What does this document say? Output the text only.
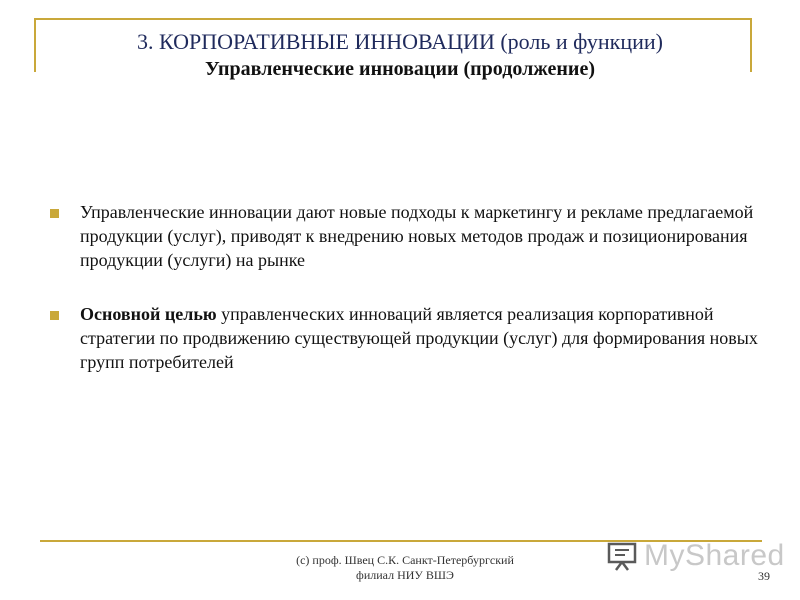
3. КОРПОРАТИВНЫЕ ИННОВАЦИИ (роль и функции)
Управленческие инновации (продолжение)
Управленческие инновации дают новые подходы к маркетингу и рекламе предлагаемой продукции (услуг), приводят к внедрению новых методов продаж и позиционирования продукции (услуги) на рынке
Основной целью управленческих инноваций является реализация корпоративной стратегии по продвижению существующей продукции (услуг) для формирования новых групп потребителей
(c) проф. Швец С.К. Санкт-Петербургский
филиал НИУ ВШЭ	39
MyShared
